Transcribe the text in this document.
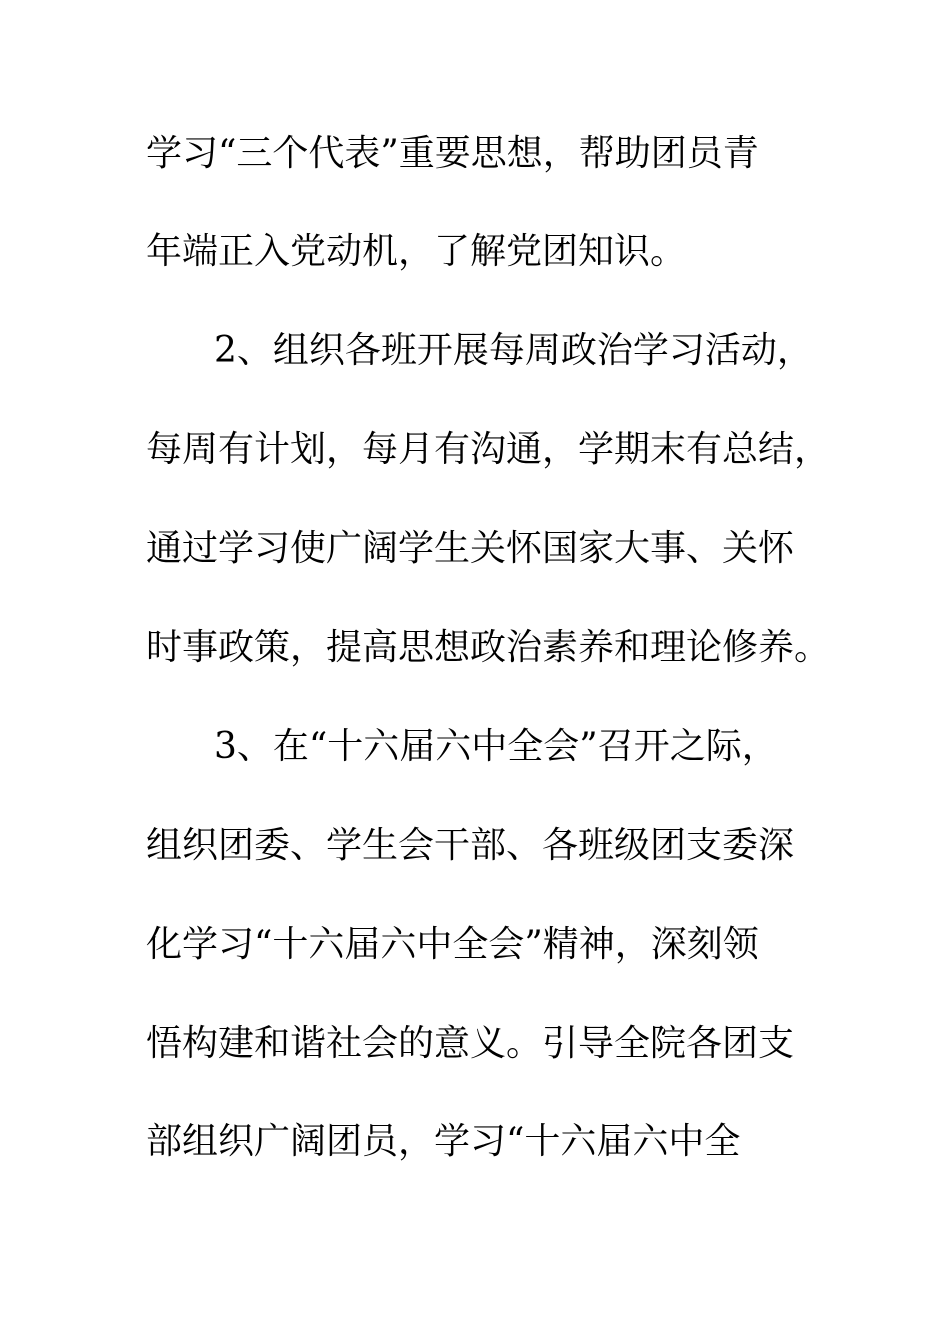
学习“三个代表”重要思想，帮助团员青
年端正入党动机，了解党团知识。
2、组织各班开展每周政治学习活动，
每周有计划，每月有沟通，学期末有总结，
通过学习使广阔学生关怀国家大事、关怀
时事政策，提高思想政治素养和理论修养。
3、在“十六届六中全会”召开之际，
组织团委、学生会干部、各班级团支委深
化学习“十六届六中全会”精神，深刻领
悟构建和谐社会的意义。引导全院各团支
部组织广阔团员，学习“十六届六中全
